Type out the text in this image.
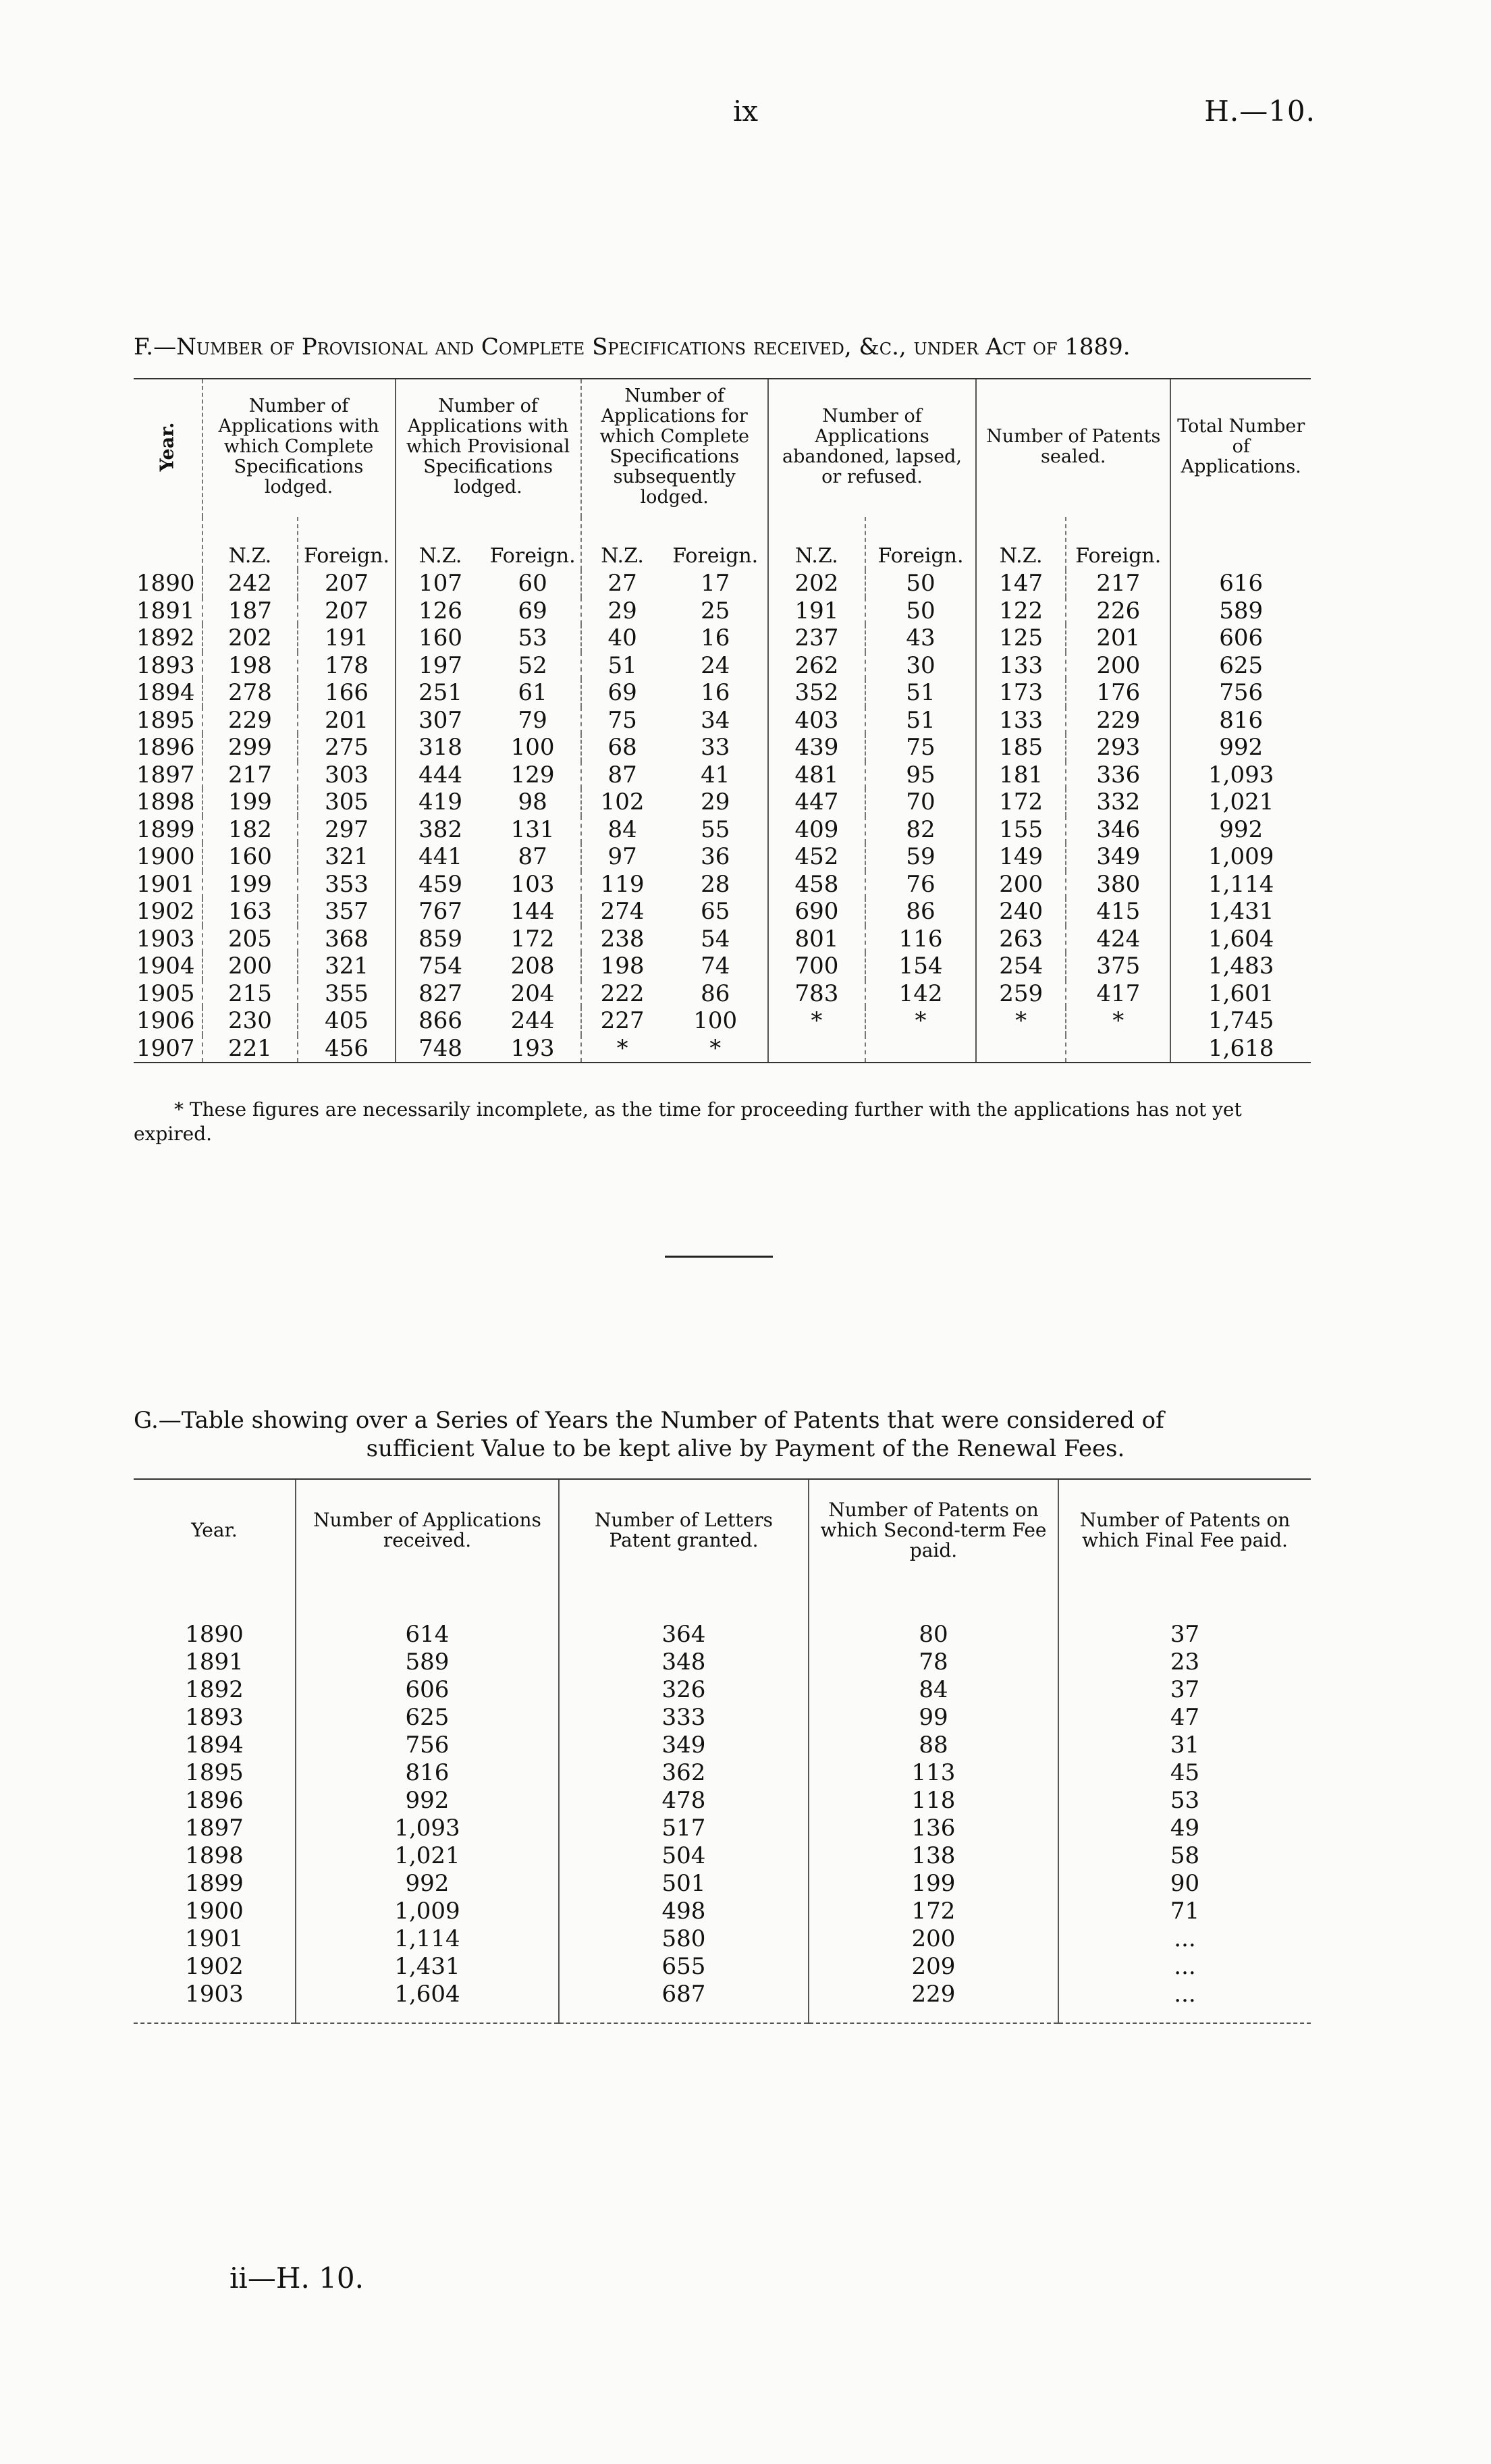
ix	H.—10.
F.—Number of Provisional and Complete Specifications received, &c., under Act of 1889.
Year.	Number of Applications with which Complete Specifications lodged.		Number of Applications with which Provisional Specifications lodged.		Number of Applications for which Complete Specifications subsequently lodged.		Number of Applications abandoned, lapsed, or refused.		Number of Patents sealed.		Total Number of Applications.
	N.Z.	Foreign.	N.Z.	Foreign.	N.Z.	Foreign.	N.Z.	Foreign.	N.Z.	Foreign.	
1890	242	207	107	60	27	17	202	50	147	217	616
1891	187	207	126	69	29	25	191	50	122	226	589
1892	202	191	160	53	40	16	237	43	125	201	606
1893	198	178	197	52	51	24	262	30	133	200	625
1894	278	166	251	61	69	16	352	51	173	176	756
1895	229	201	307	79	75	34	403	51	133	229	816
1896	299	275	318	100	68	33	439	75	185	293	992
1897	217	303	444	129	87	41	481	95	181	336	1,093
1898	199	305	419	98	102	29	447	70	172	332	1,021
1899	182	297	382	131	84	55	409	82	155	346	992
1900	160	321	441	87	97	36	452	59	149	349	1,009
1901	199	353	459	103	119	28	458	76	200	380	1,114
1902	163	357	767	144	274	65	690	86	240	415	1,431
1903	205	368	859	172	238	54	801	116	263	424	1,604
1904	200	321	754	208	198	74	700	154	254	375	1,483
1905	215	355	827	204	222	86	783	142	259	417	1,601
1906	230	405	866	244	227	100	*	*	*	*	1,745
1907	221	456	748	193	*	*					1,618
* These figures are necessarily incomplete, as the time for proceeding further with the applications has not yet expired.
G.—Table showing over a Series of Years the Number of Patents that were considered of
sufficient Value to be kept alive by Payment of the Renewal Fees.
Year.	Number of Applications received.	Number of Letters Patent granted.	Number of Patents on which Second-term Fee paid.	Number of Patents on which Final Fee paid.
1890	614	364	80	37
1891	589	348	78	23
1892	606	326	84	37
1893	625	333	99	47
1894	756	349	88	31
1895	816	362	113	45
1896	992	478	118	53
1897	1,093	517	136	49
1898	1,021	504	138	58
1899	992	501	199	90
1900	1,009	498	172	71
1901	1,114	580	200	...
1902	1,431	655	209	...
1903	1,604	687	229	...
ii—H. 10.
